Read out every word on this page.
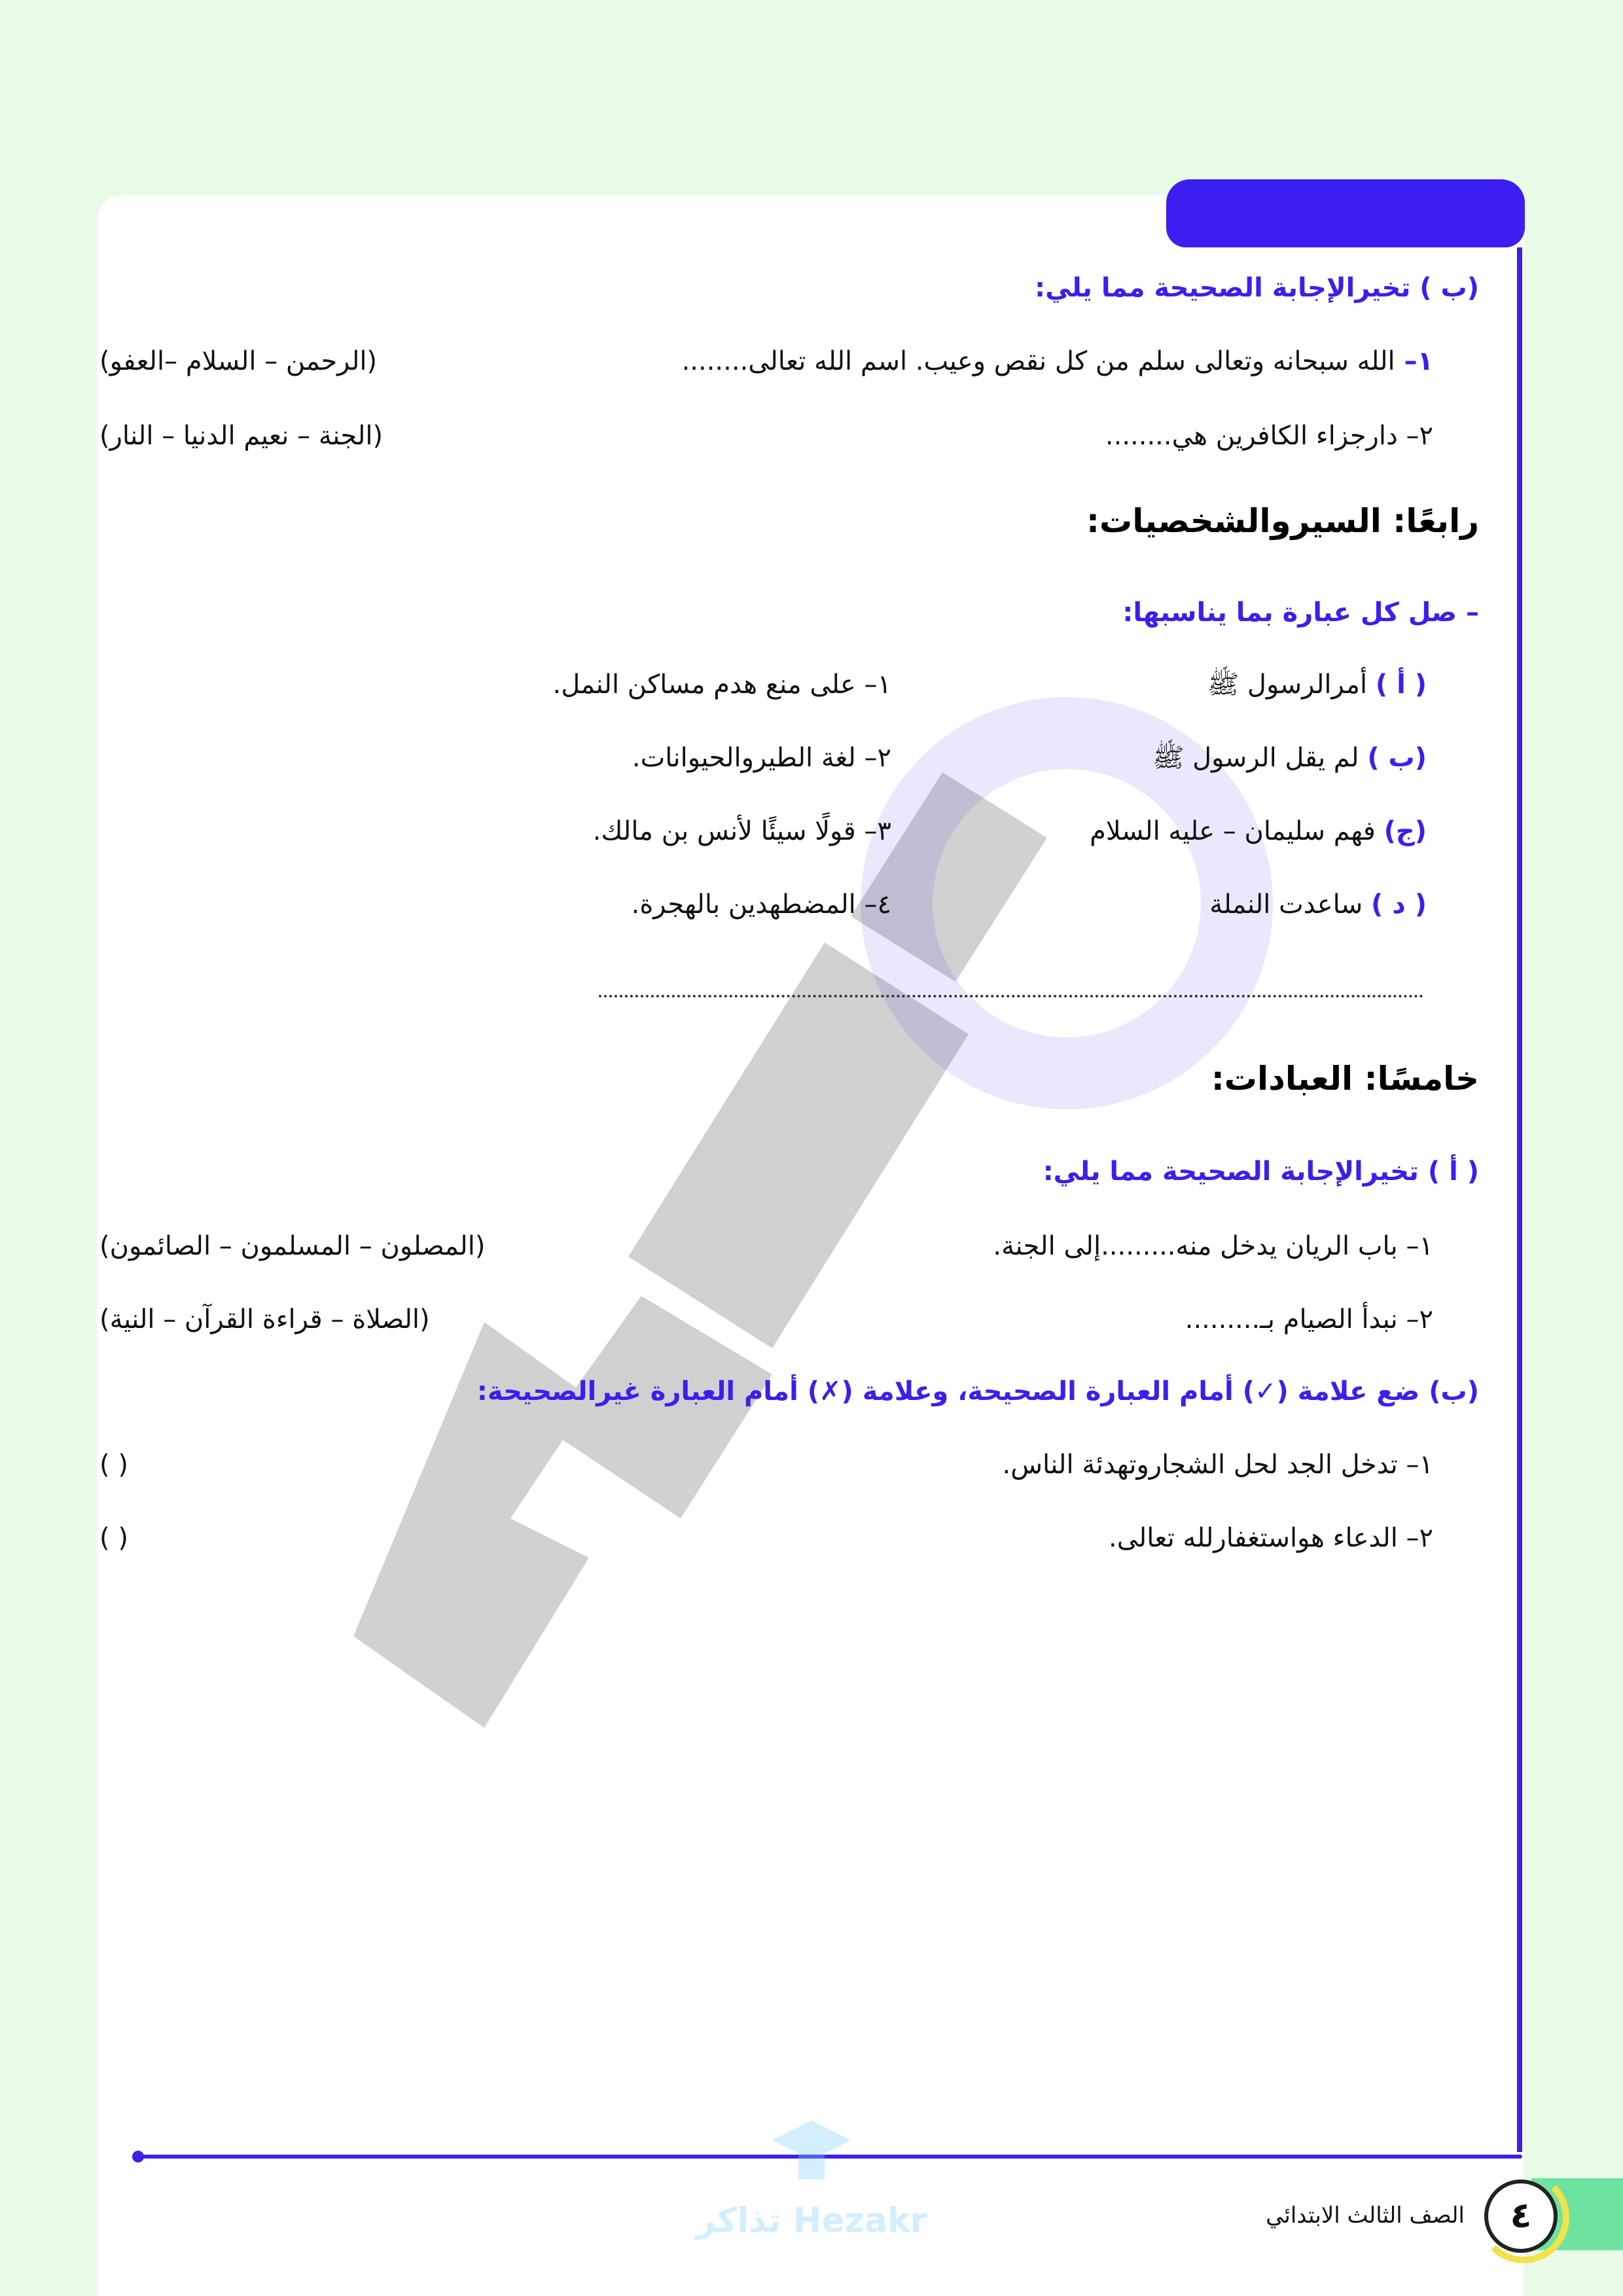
(ب ) تخيرالإجابة الصحيحة مما يلي:
١– الله سبحانه وتعالى سلم من كل نقص وعيب. اسم الله تعالى........
(الرحمن – السلام –العفو)
٢– دارجزاء الكافرين هي........
(الجنة – نعيم الدنيا – النار)
رابعًا: السيروالشخصيات:
– صل كل عبارة بما يناسبها:
( أ ) أمرالرسول ﷺ
(ب ) لم يقل الرسول ﷺ
(ج) فهم سليمان – عليه السلام
( د ) ساعدت النملة
١– على منع هدم مساكن النمل.
٢– لغة الطيروالحيوانات.
٣– قولًا سيئًا لأنس بن مالك.
٤– المضطهدين بالهجرة.
خامسًا: العبادات:
( أ ) تخيرالإجابة الصحيحة مما يلي:
١– باب الريان يدخل منه.........إلى الجنة.
(المصلون – المسلمون – الصائمون)
٢– نبدأ الصيام بـ.........
(الصلاة – قراءة القرآن – النية)
(ب) ضع علامة (✓) أمام العبارة الصحيحة، وعلامة (✗) أمام العبارة غيرالصحيحة:
١– تدخل الجد لحل الشجاروتهدئة الناس.
( )
٢– الدعاء هواستغفارلله تعالى.
( )
تذاكر Hezakr	٤
الصف الثالث الابتدائي
